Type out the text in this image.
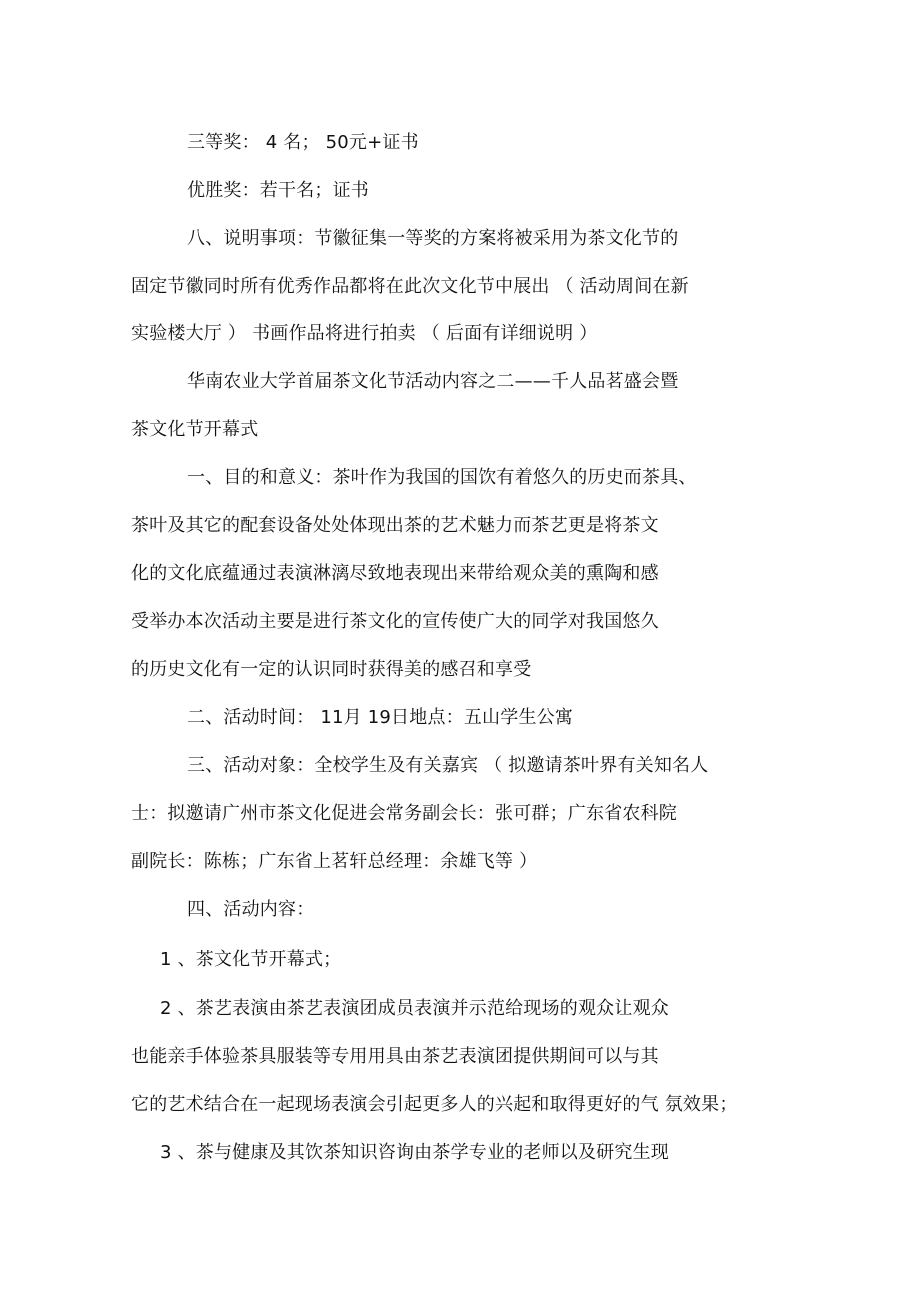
三等奖： 4 名； 50元+证书
优胜奖：若干名；证书
八、说明事项：节徽征集一等奖的方案将被采用为茶文化节的
固定节徽同时所有优秀作品都将在此次文化节中展出 （ 活动周间在新
实验楼大厅 ） 书画作品将进行拍卖 （ 后面有详细说明 ）
华南农业大学首届茶文化节活动内容之二——千人品茗盛会暨
茶文化节开幕式
一、目的和意义：茶叶作为我国的国饮有着悠久的历史而茶具、
茶叶及其它的配套设备处处体现出茶的艺术魅力而茶艺更是将茶文
化的文化底蕴通过表演淋漓尽致地表现出来带给观众美的熏陶和感
受举办本次活动主要是进行茶文化的宣传使广大的同学对我国悠久
的历史文化有一定的认识同时获得美的感召和享受
二、活动时间： 11月 19日地点：五山学生公寓
三、活动对象：全校学生及有关嘉宾 （ 拟邀请茶叶界有关知名人
士：拟邀请广州市茶文化促进会常务副会长：张可群；广东省农科院
副院长：陈栋；广东省上茗轩总经理：余雄飞等 ）
四、活动内容：
1 、茶文化节开幕式；
2 、茶艺表演由茶艺表演团成员表演并示范给现场的观众让观众
也能亲手体验茶具服装等专用用具由茶艺表演团提供期间可以与其
它的艺术结合在一起现场表演会引起更多人的兴起和取得更好的气 氛效果；
3 、茶与健康及其饮茶知识咨询由茶学专业的老师以及研究生现
